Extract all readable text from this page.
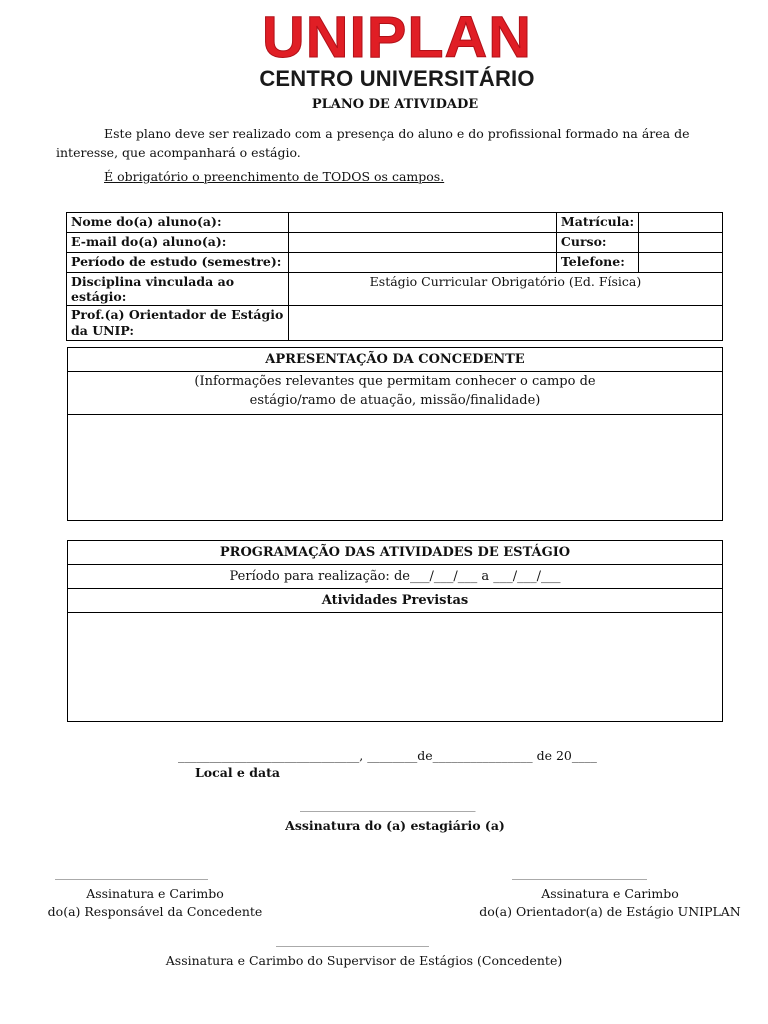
UNIPLAN
CENTRO UNIVERSITÁRIO
PLANO DE ATIVIDADE
Este plano deve ser realizado com a presença do aluno e do profissional formado na área de interesse, que acompanhará o estágio.
É obrigatório o preenchimento de TODOS os campos.
Nome do(a) aluno(a):		Matrícula:	
E-mail do(a) aluno(a):		Curso:	
Período de estudo (semestre):		Telefone:	
Disciplina vinculada ao estágio:	Estágio Curricular Obrigatório (Ed. Física)		

Prof.(a) Orientador de Estágio
da UNIP:			

APRESENTAÇÃO DA CONCEDENTE
(Informações relevantes que permitam conhecer o campo de
estágio/ramo de atuação, missão/finalidade)
PROGRAMAÇÃO DAS ATIVIDADES DE ESTÁGIO
Período para realização: de___/___/___ a ___/___/___
Atividades Previstas
_____________________________, ________de________________ de 20____
Local e data
_______________________________________
Assinatura do (a) estagiário (a)
__________________________________
Assinatura e Carimbo
do(a) Responsável da Concedente
______________________________
Assinatura e Carimbo
do(a) Orientador(a) de Estágio UNIPLAN
__________________________________
Assinatura e Carimbo do Supervisor de Estágios (Concedente)
